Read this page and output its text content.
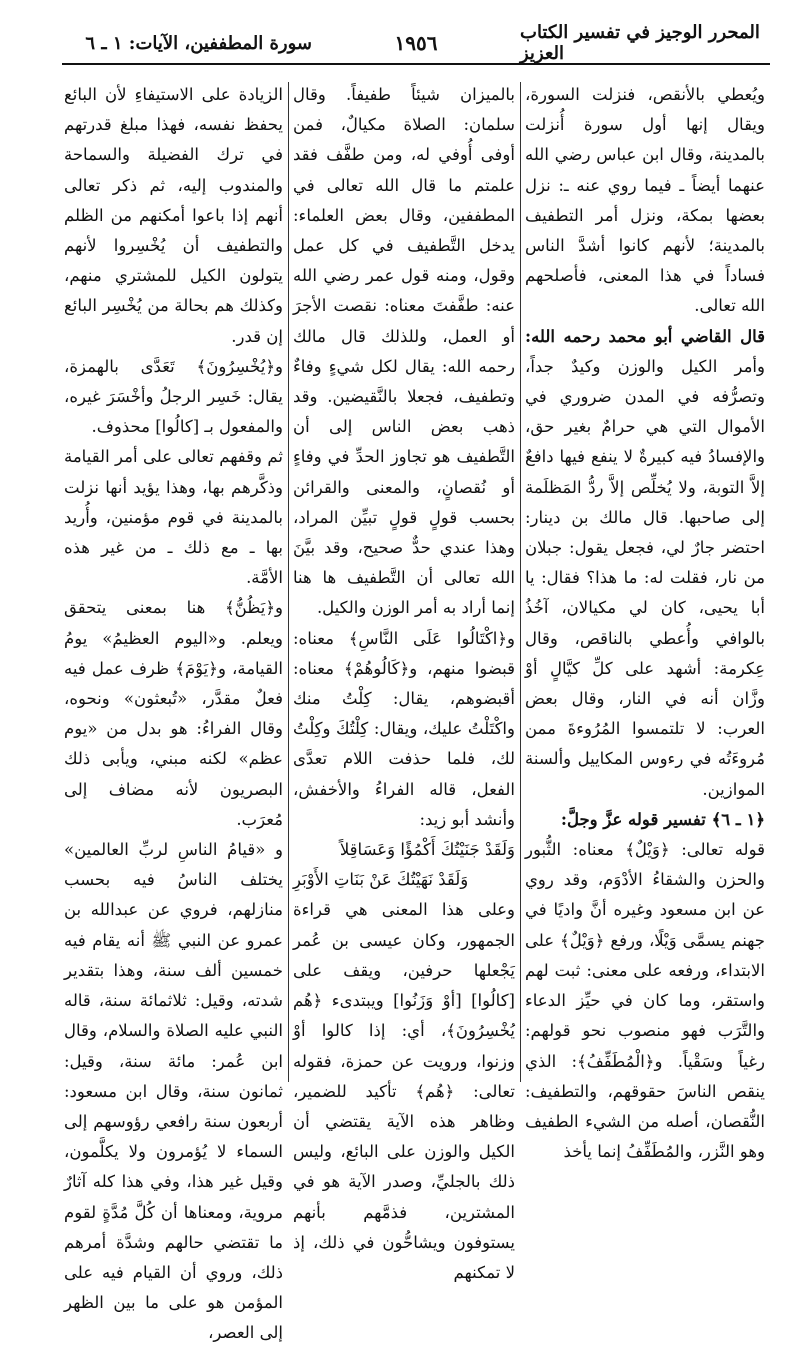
سورة المطففين، الآيات: ١ ـ ٦	١٩٥٦	المحرر الوجيز في تفسير الكتاب العزيز

ويُعطي بالأنقص، فنزلت السورة، ويقال إنها أول سورة أُنزلت بالمدينة، وقال ابن عباس رضي الله عنهما أيضاً ـ فيما روي عنه ـ: نزل بعضها بمكة، ونزل أمر التطفيف بالمدينة؛ لأنهم كانوا أشدَّ الناس فساداً في هذا المعنى، فأصلحهم الله تعالى.

قال القاضي أبو محمد رحمه الله: وأمر الكيل والوزن وكيدٌ جداً، وتصرُّفه في المدن ضروري في الأموال التي هي حرامٌ بغير حق، والإفسادُ فيه كبيرةٌ لا ينفع فيها دافعٌ إلاَّ التوبة، ولا يُخلِّص إلاَّ ردُّ المَظلَمة إلى صاحبها. قال مالك بن دينار: احتضر جارٌ لي، فجعل يقول: جبلان من نار، فقلت له: ما هذا؟ فقال: يا أبا يحيى، كان لي مكيالان، آخُذُ بالوافي وأُعطي بالناقص، وقال عِكرمة: أشهد على كلِّ كيَّالٍ أوْ وزَّان أنه في النار، وقال بعض العرب: لا تلتمسوا المُرُوءةَ ممن مُروءَتُه في رءوس المكاييل وألسنة الموازين.

﴿١ ـ ٦﴾ تفسير قوله عزَّ وجلَّ:

قوله تعالى: ﴿وَيْلٌ﴾ معناه: الثُّبور والحزن والشقاءُ الأدْوَم، وقد روي عن ابن مسعود وغيره أنَّ واديًا في جهنم يسمَّى وَيْلًا، ورفع ﴿وَيْلٌ﴾ على الابتداء، ورفعه على معنى: ثبت لهم واستقر، وما كان في حيِّز الدعاء والتَّرَب فهو منصوب نحو قولهم: رغياً وسَقْياً. و﴿الْمُطَفِّفُ﴾: الذي ينقص الناسَ حقوقهم، والتطفيف: النُّقصان، أصله من الشيء الطفيف وهو النَّزر، والمُطَفِّفُ إنما يأخذ

بالميزان شيئاً طفيفاً. وقال سلمان: الصلاة مكيالٌ، فمن أوفى أُوفي له، ومن طفَّف فقد علمتم ما قال الله تعالى في المطففين، وقال بعض العلماء: يدخل التَّطفيف في كل عمل وقول، ومنه قول عمر رضي الله عنه: طفَّفتَ معناه: نقصت الأجرَ أو العمل، وللذلك قال مالك رحمه الله: يقال لكل شيءٍ وفاءٌ وتطفيف، فجعلا بالنَّقيضين. وقد ذهب بعض الناس إلى أن التَّطفيف هو تجاوز الحدِّ في وفاءٍ أو نُقصانٍ، والمعنى والقرائن بحسب قولٍ قولٍ تبيِّن المراد، وهذا عندي حدٌّ صحيح، وقد بيَّنَ الله تعالى أن التَّطفيف ها هنا إنما أراد به أمر الوزن والكيل.

و﴿اكْتَالُوا عَلَى النَّاسِ﴾ معناه: قبضوا منهم، و﴿كَالُوهُمْ﴾ معناه: أقبضوهم، يقال: كِلْتُ منك واكْتَلْتُ عليك، ويقال: كِلْتُكَ وكِلْتُ لك، فلما حذفت اللام تعدَّى الفعل، قاله الفراءُ والأخفش، وأنشد أبو زيد:

وَلَقَدْ جَنَيْتُكَ أَكْمُؤًا وَعَسَاقِلاً

وَلَقَدْ نَهَيْتُكَ عَنْ بَنَاتِ الأَوْبَرِ

وعلى هذا المعنى هي قراءة الجمهور، وكان عيسى بن عُمر يَجْعلها حرفين، ويقف على [كالُوا] [أوْ وَزَنُوا] ويبتدىء ﴿هُم يُخْسِرُونَ﴾، أي: إذا كالوا أوْ وزنوا، ورويت عن حمزة، فقوله تعالى: ﴿هُم﴾ تأكيد للضمير، وظاهر هذه الآية يقتضي أن الكيل والوزن على البائع، وليس ذلك بالجليِّ، وصدر الآية هو في المشترين، فذمَّهم بأنهم يستوفون ويشاحُّون في ذلك، إذ لا تمكنهم

الزيادة على الاستيفاءِ لأن البائع يحفظ نفسه، فهذا مبلغ قدرتهم في ترك الفضيلة والسماحة والمندوب إليه، ثم ذكر تعالى أنهم إذا باعوا أمكنهم من الظلم والتطفيف أن يُخْسِروا لأنهم يتولون الكيل للمشتري منهم، وكذلك هم بحالة من يُخْسِر البائع إن قدر.

و﴿يُخْسِرُونَ﴾ تَعَدَّى بالهمزة، يقال: خَسِر الرجلُ وأخْسَرَ غيره، والمفعول بـ [كالُوا] محذوف.

ثم وقفهم تعالى على أمر القيامة وذكَّرهم بها، وهذا يؤيد أنها نزلت بالمدينة في قوم مؤمنين، وأُريد بها ـ مع ذلك ـ من غير هذه الأمَّة.

و﴿يَظُنُّ﴾ هنا بمعنى يتحقق ويعلم. و«اليوم العظيمُ» يومُ القيامة، و﴿يَوْمَ﴾ ظرف عمل فيه فعلٌ مقدَّر، «تُبعثون» ونحوه، وقال الفراءُ: هو بدل من «يوم عظم» لكنه مبني، ويأبى ذلك البصريون لأنه مضاف إلى مُعرَب.

و «قيامُ الناسِ لربِّ العالمين» يختلف الناسُ فيه بحسب منازلهم، فروي عن عبدالله بن عمرو عن النبي ﷺ أنه يقام فيه خمسين ألف سنة، وهذا بتقدير شدته، وقيل: ثلاثمائة سنة، قاله النبي عليه الصلاة والسلام، وقال ابن عُمر: مائة سنة، وقيل: ثمانون سنة، وقال ابن مسعود: أربعون سنة رافعي رؤوسهم إلى السماء لا يُؤمرون ولا يكلَّمون، وقيل غير هذا، وفي هذا كله آثارٌ مروية، ومعناها أن كُلَّ مُدَّةٍ لقوم ما تقتضي حالهم وشدَّة أمرهم ذلك، وروي أن القيام فيه على المؤمن هو على ما بين الظهر إلى العصر،
